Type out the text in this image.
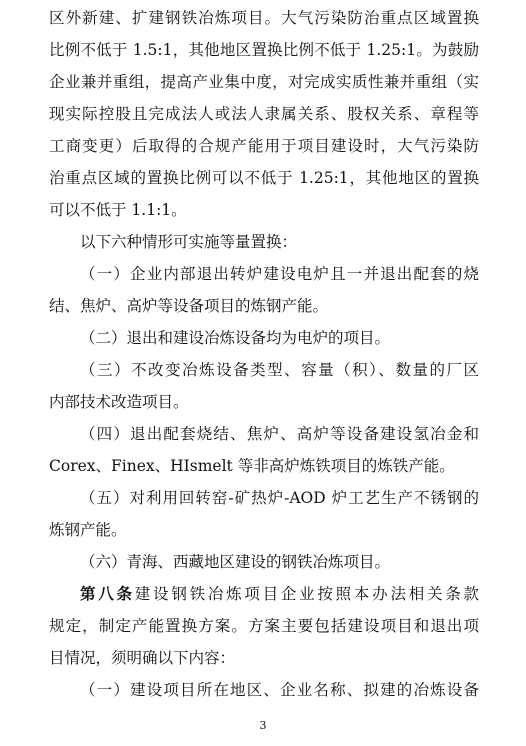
区外新建、扩建钢铁冶炼项目。大气污染防治重点区域置换
比例不低于 1.5:1，其他地区置换比例不低于 1.25:1。为鼓励
企业兼并重组，提高产业集中度，对完成实质性兼并重组（实
现实际控股且完成法人或法人隶属关系、股权关系、章程等
工商变更）后取得的合规产能用于项目建设时，大气污染防
治重点区域的置换比例可以不低于 1.25:1，其他地区的置换
可以不低于 1.1:1。
以下六种情形可实施等量置换：
（一）企业内部退出转炉建设电炉且一并退出配套的烧
结、焦炉、高炉等设备项目的炼钢产能。
（二）退出和建设冶炼设备均为电炉的项目。
（三）不改变冶炼设备类型、容量（积）、数量的厂区
内部技术改造项目。
（四）退出配套烧结、焦炉、高炉等设备建设氢冶金和
Corex、Finex、HIsmelt 等非高炉炼铁项目的炼铁产能。
（五）对利用回转窑-矿热炉-AOD 炉工艺生产不锈钢的
炼钢产能。
（六）青海、西藏地区建设的钢铁冶炼项目。
第八条建设钢铁冶炼项目企业按照本办法相关条款
规定，制定产能置换方案。方案主要包括建设项目和退出项
目情况，须明确以下内容：
（一）建设项目所在地区、企业名称、拟建的冶炼设备
3
